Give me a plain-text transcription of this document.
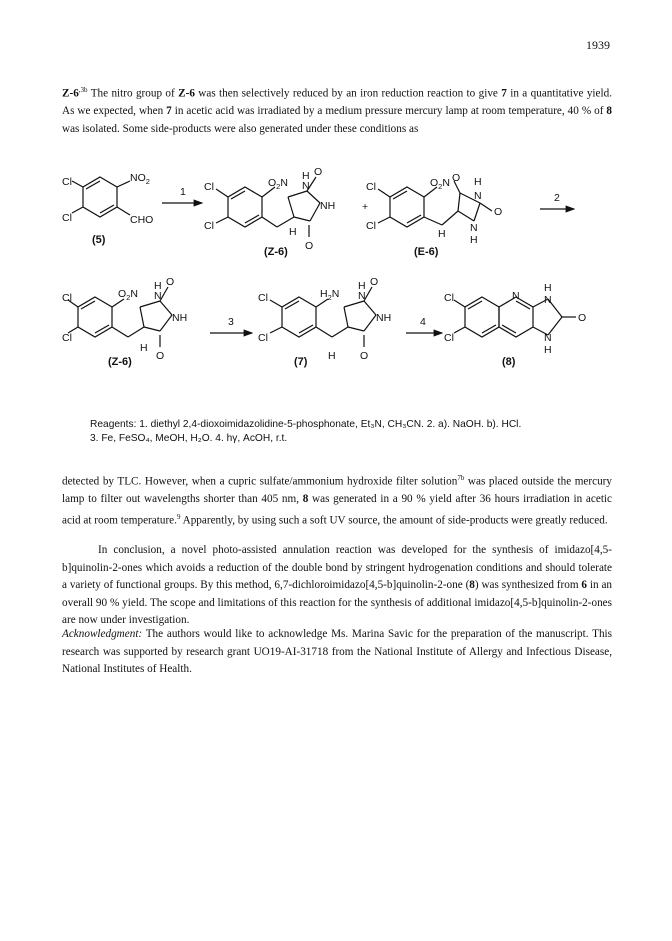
1939

$Z-6^{,3b}$ The nitro group of Z-6 was then selectively reduced by an iron reduction reaction to give 7 in a quantitative yield. As we expected, when 7 in acetic acid was irradiated by a medium pressure mercury lamp at room temperature, 40 % of 8 was isolated. Some side-products were also generated under these conditions as

Cl
Cl
$NO_2$
CHO
(5)
1 Cl
Cl
$O_2N$ N
H O
NH
O
H
(Z-6)
+
Cl
Cl
$O_2N$ O H
N
O
N
H
H
(E-6)
2
Cl
Cl
$O_2N$ N
H O
NH
O
H
(Z-6)
3
Cl
Cl
$H_2N$ N
H O
NH
O
H
(7)
4
Cl
Cl
N
H
N
O
N
H
(8)
Reagents: 1. diethyl 2,4-dioxoimidazolidine-5-phosphonate, Et₃N, CH₃CN. 2. a). NaOH. b). HCl.
3. Fe, FeSO₄, MeOH, H₂O. 4. hγ, AcOH, r.t.

detected by TLC. However, when a cupric sulfate/ammonium hydroxide filter solution$^{7b}$ was placed outside the mercury lamp to filter out wavelengths shorter than 405 nm, 8 was generated in a 90 % yield after 36 hours irradiation in acetic acid at room temperature.$^9$ Apparently, by using such a soft UV source, the amount of side-products were greatly reduced.

In conclusion, a novel photo-assisted annulation reaction was developed for the synthesis of imidazo[4,5-b]quinolin-2-ones which avoids a reduction of the double bond by stringent hydrogenation conditions and should tolerate a variety of functional groups. By this method, 6,7-dichloroimidazo[4,5-b]quinolin-2-one (8) was synthesized from 6 in an overall 90 % yield. The scope and limitations of this reaction for the synthesis of additional imidazo[4,5-b]quinolin-2-ones are now under investigation.

Acknowledgment: The authors would like to acknowledge Ms. Marina Savic for the preparation of the manuscript. This research was supported by research grant UO19-AI-31718 from the National Institute of Allergy and Infectious Disease, National Institutes of Health.
